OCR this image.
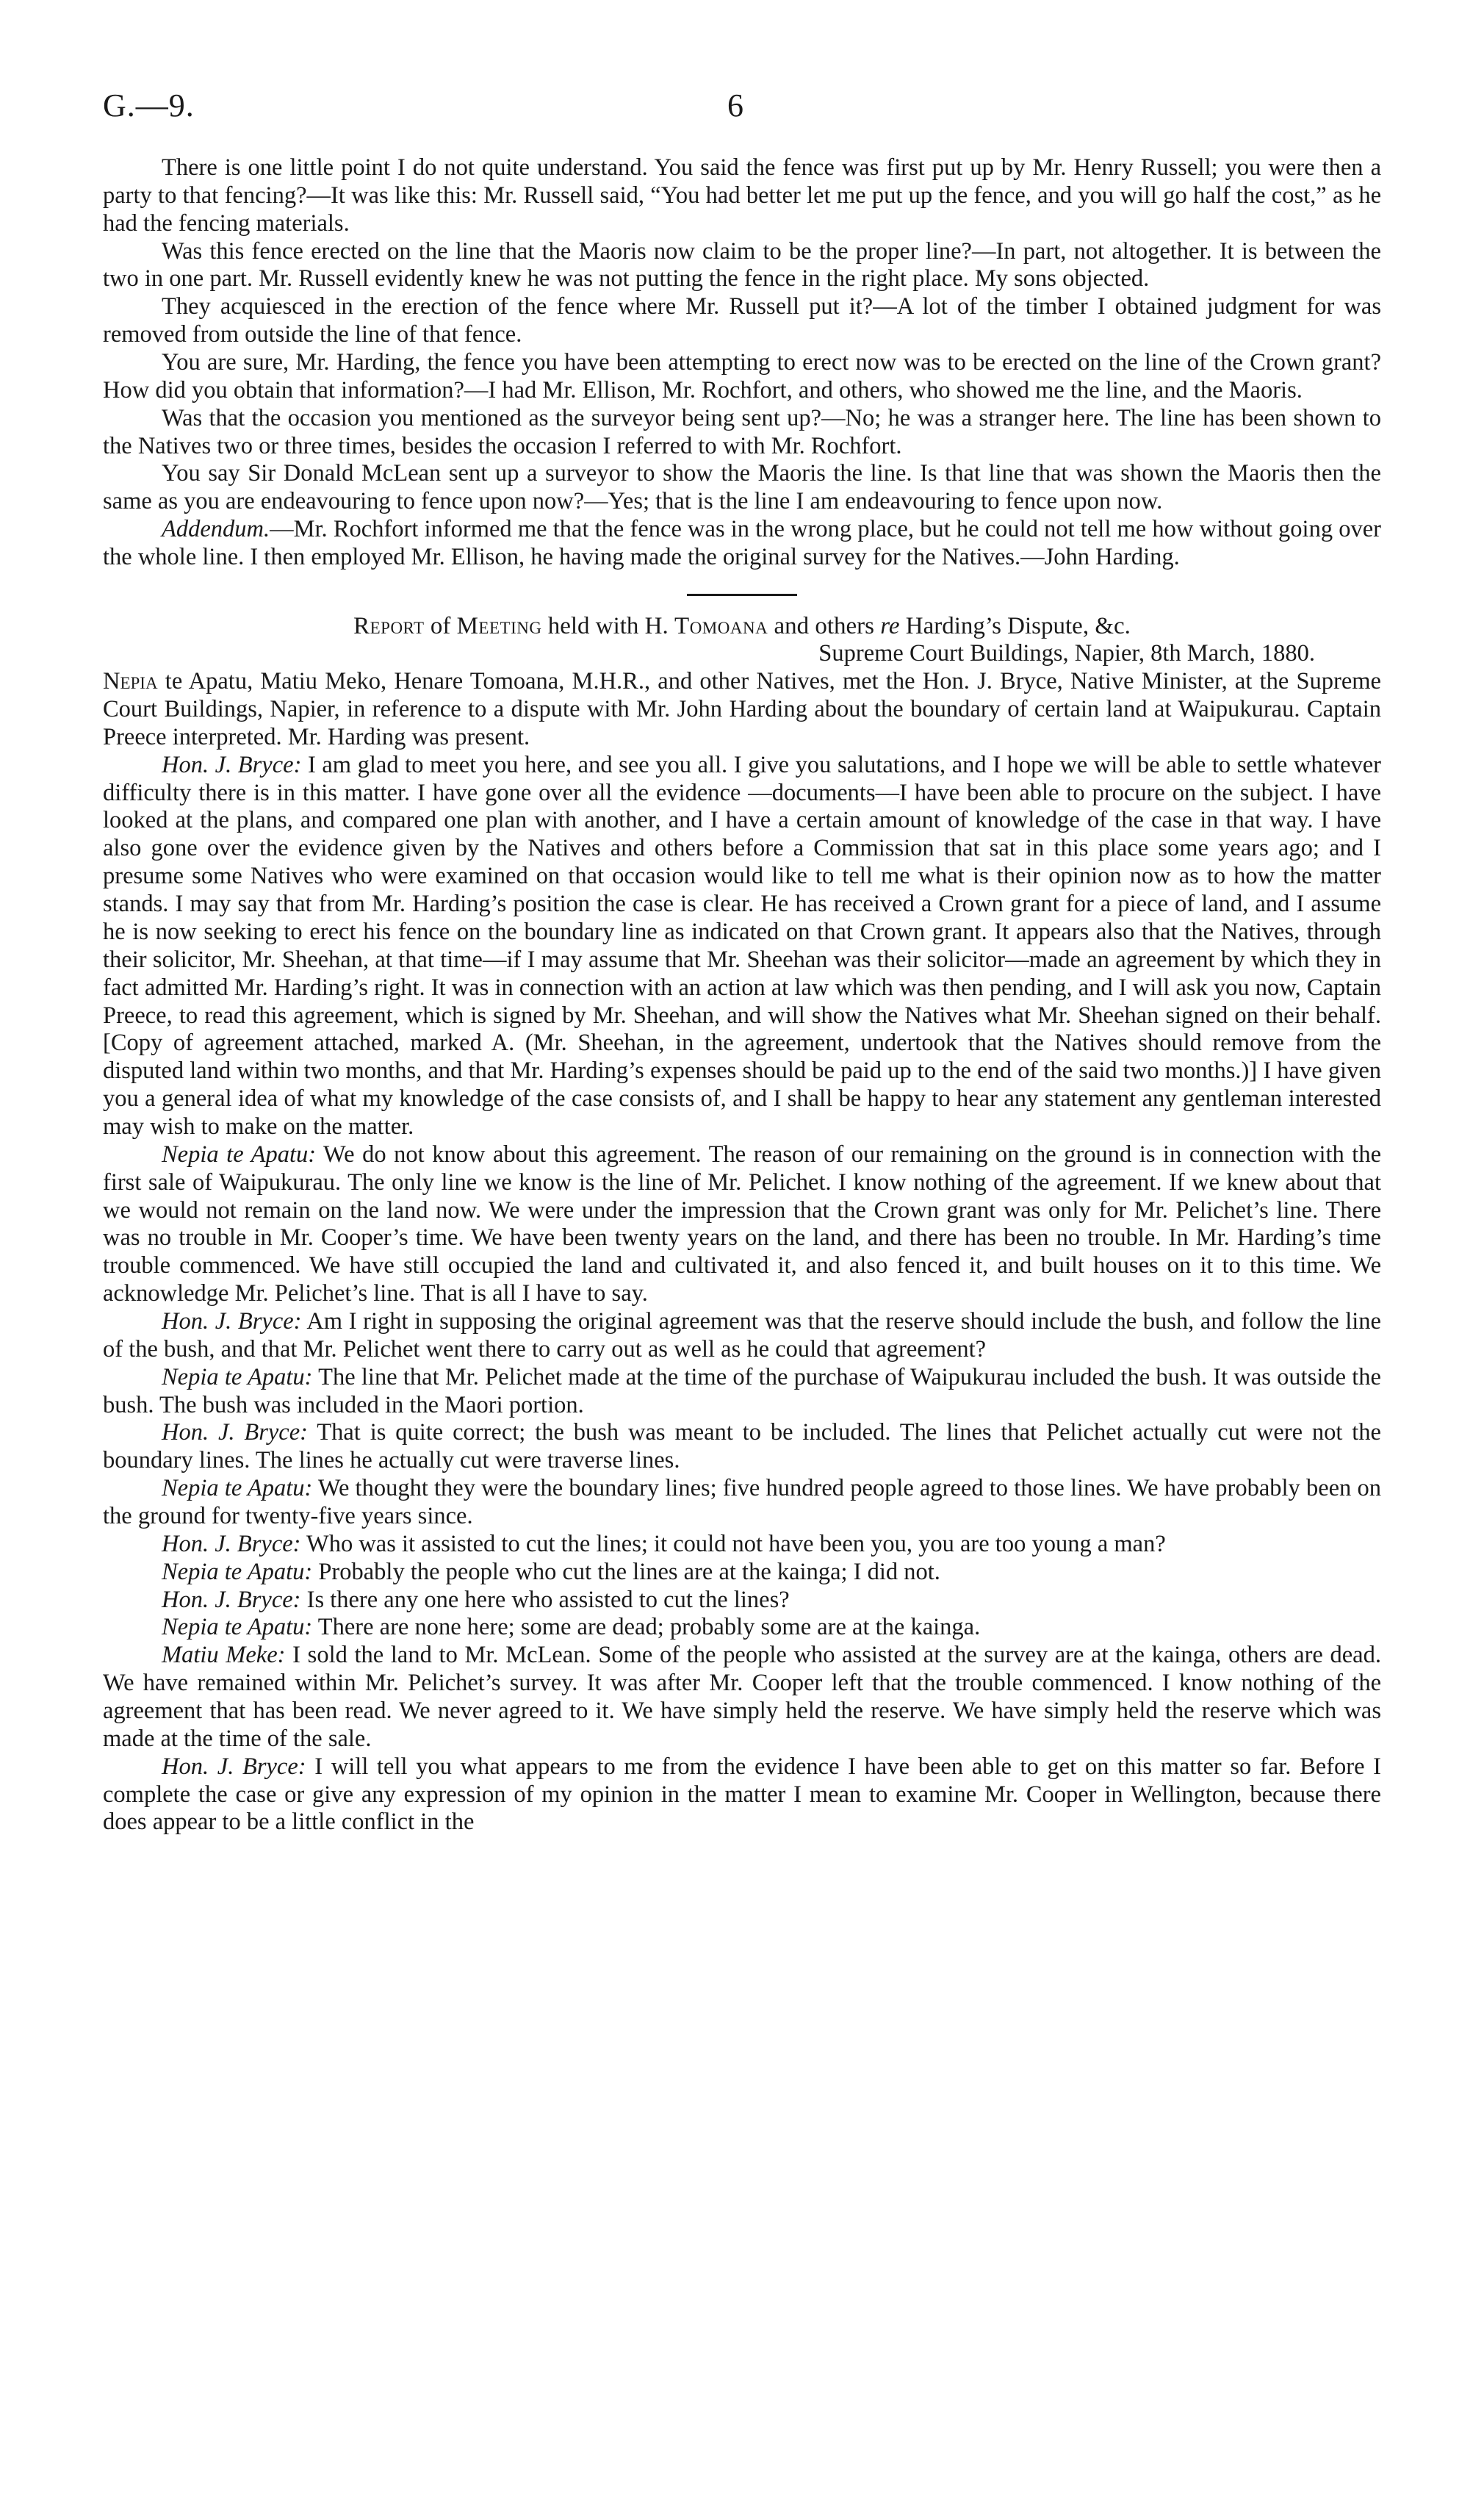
G.—9.	6

There is one little point I do not quite understand. You said the fence was first put up by Mr. Henry Russell; you were then a party to that fencing?—It was like this: Mr. Russell said, “You had better let me put up the fence, and you will go half the cost,” as he had the fencing materials.

Was this fence erected on the line that the Maoris now claim to be the proper line?—In part, not altogether. It is between the two in one part. Mr. Russell evidently knew he was not putting the fence in the right place. My sons objected.

They acquiesced in the erection of the fence where Mr. Russell put it?—A lot of the timber I obtained judgment for was removed from outside the line of that fence.

You are sure, Mr. Harding, the fence you have been attempting to erect now was to be erected on the line of the Crown grant? How did you obtain that information?—I had Mr. Ellison, Mr. Rochfort, and others, who showed me the line, and the Maoris.

Was that the occasion you mentioned as the surveyor being sent up?—No; he was a stranger here. The line has been shown to the Natives two or three times, besides the occasion I referred to with Mr. Rochfort.

You say Sir Donald McLean sent up a surveyor to show the Maoris the line. Is that line that was shown the Maoris then the same as you are endeavouring to fence upon now?—Yes; that is the line I am endeavouring to fence upon now.

Addendum.—Mr. Rochfort informed me that the fence was in the wrong place, but he could not tell me how without going over the whole line. I then employed Mr. Ellison, he having made the original survey for the Natives.—John Harding.

Report of Meeting held with H. Tomoana and others re Harding’s Dispute, &c.

Supreme Court Buildings, Napier, 8th March, 1880.

Nepia te Apatu, Matiu Meko, Henare Tomoana, M.H.R., and other Natives, met the Hon. J. Bryce, Native Minister, at the Supreme Court Buildings, Napier, in reference to a dispute with Mr. John Harding about the boundary of certain land at Waipukurau. Captain Preece interpreted. Mr. Harding was present.

Hon. J. Bryce: I am glad to meet you here, and see you all. I give you salutations, and I hope we will be able to settle whatever difficulty there is in this matter. I have gone over all the evidence —documents—I have been able to procure on the subject. I have looked at the plans, and compared one plan with another, and I have a certain amount of knowledge of the case in that way. I have also gone over the evidence given by the Natives and others before a Commission that sat in this place some years ago; and I presume some Natives who were examined on that occasion would like to tell me what is their opinion now as to how the matter stands. I may say that from Mr. Harding’s position the case is clear. He has received a Crown grant for a piece of land, and I assume he is now seeking to erect his fence on the boundary line as indicated on that Crown grant. It appears also that the Natives, through their solicitor, Mr. Sheehan, at that time—if I may assume that Mr. Sheehan was their solicitor—made an agreement by which they in fact admitted Mr. Harding’s right. It was in connection with an action at law which was then pending, and I will ask you now, Captain Preece, to read this agreement, which is signed by Mr. Sheehan, and will show the Natives what Mr. Sheehan signed on their behalf. [Copy of agreement attached, marked A. (Mr. Sheehan, in the agreement, undertook that the Natives should remove from the disputed land within two months, and that Mr. Harding’s expenses should be paid up to the end of the said two months.)] I have given you a general idea of what my knowledge of the case consists of, and I shall be happy to hear any statement any gentleman interested may wish to make on the matter.

Nepia te Apatu: We do not know about this agreement. The reason of our remaining on the ground is in connection with the first sale of Waipukurau. The only line we know is the line of Mr. Pelichet. I know nothing of the agreement. If we knew about that we would not remain on the land now. We were under the impression that the Crown grant was only for Mr. Pelichet’s line. There was no trouble in Mr. Cooper’s time. We have been twenty years on the land, and there has been no trouble. In Mr. Harding’s time trouble commenced. We have still occupied the land and cultivated it, and also fenced it, and built houses on it to this time. We acknowledge Mr. Pelichet’s line. That is all I have to say.

Hon. J. Bryce: Am I right in supposing the original agreement was that the reserve should include the bush, and follow the line of the bush, and that Mr. Pelichet went there to carry out as well as he could that agreement?

Nepia te Apatu: The line that Mr. Pelichet made at the time of the purchase of Waipukurau included the bush. It was outside the bush. The bush was included in the Maori portion.

Hon. J. Bryce: That is quite correct; the bush was meant to be included. The lines that Pelichet actually cut were not the boundary lines. The lines he actually cut were traverse lines.

Nepia te Apatu: We thought they were the boundary lines; five hundred people agreed to those lines. We have probably been on the ground for twenty-five years since.

Hon. J. Bryce: Who was it assisted to cut the lines; it could not have been you, you are too young a man?

Nepia te Apatu: Probably the people who cut the lines are at the kainga; I did not.

Hon. J. Bryce: Is there any one here who assisted to cut the lines?

Nepia te Apatu: There are none here; some are dead; probably some are at the kainga.

Matiu Meke: I sold the land to Mr. McLean. Some of the people who assisted at the survey are at the kainga, others are dead. We have remained within Mr. Pelichet’s survey. It was after Mr. Cooper left that the trouble commenced. I know nothing of the agreement that has been read. We never agreed to it. We have simply held the reserve. We have simply held the reserve which was made at the time of the sale.

Hon. J. Bryce: I will tell you what appears to me from the evidence I have been able to get on this matter so far. Before I complete the case or give any expression of my opinion in the matter I mean to examine Mr. Cooper in Wellington, because there does appear to be a little conflict in the
